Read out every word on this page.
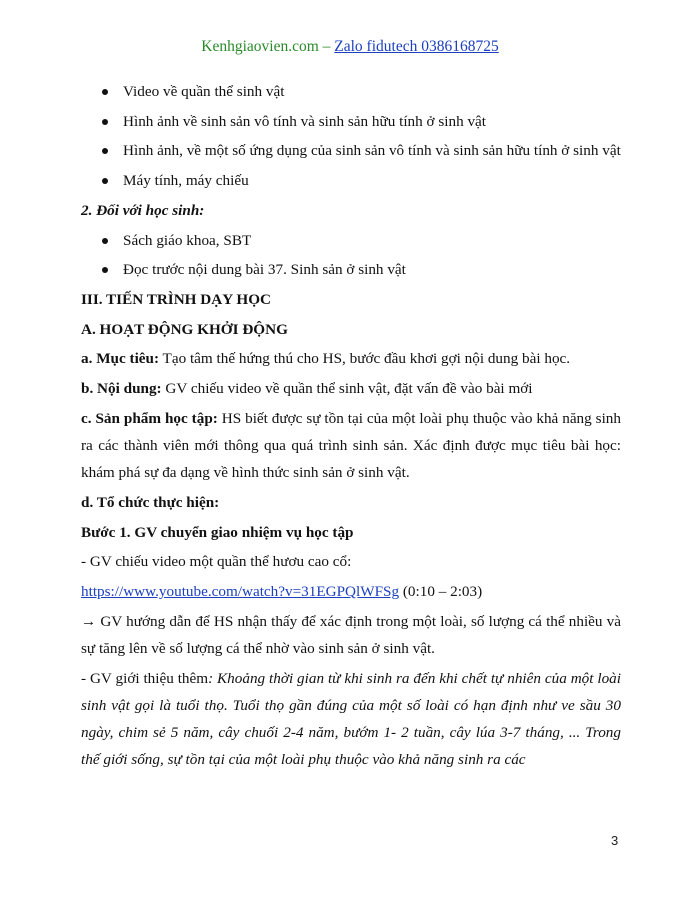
Kenhgiaovien.com – Zalo fidutech 0386168725
Video về quần thể sinh vật
Hình ảnh về sinh sản vô tính và sinh sản hữu tính ở sinh vật
Hình ảnh, về một số ứng dụng của sinh sản vô tính và sinh sản hữu tính ở sinh vật
Máy tính, máy chiếu
2. Đối với học sinh:
Sách giáo khoa, SBT
Đọc trước nội dung bài 37. Sinh sản ở sinh vật
III. TIẾN TRÌNH DẠY HỌC
A. HOẠT ĐỘNG KHỞI ĐỘNG
a. Mục tiêu: Tạo tâm thế hứng thú cho HS, bước đầu khơi gợi nội dung bài học.
b. Nội dung: GV chiếu video về quần thể sinh vật, đặt vấn đề vào bài mới
c. Sản phẩm học tập: HS biết được sự tồn tại của một loài phụ thuộc vào khả năng sinh ra các thành viên mới thông qua quá trình sinh sản. Xác định được mục tiêu bài học: khám phá sự đa dạng về hình thức sinh sản ở sinh vật.
d. Tổ chức thực hiện:
Bước 1. GV chuyển giao nhiệm vụ học tập
- GV chiếu video một quần thể hươu cao cổ:
https://www.youtube.com/watch?v=31EGPQlWFSg (0:10 – 2:03)
→ GV hướng dẫn để HS nhận thấy để xác định trong một loài, số lượng cá thể nhiều và sự tăng lên về số lượng cá thể nhờ vào sinh sản ở sinh vật.
- GV giới thiệu thêm: Khoảng thời gian từ khi sinh ra đến khi chết tự nhiên của một loài sinh vật gọi là tuổi thọ. Tuổi thọ gần đúng của một số loài có hạn định như ve sầu 30 ngày, chim sẻ 5 năm, cây chuối 2-4 năm, bướm 1- 2 tuần, cây lúa 3-7 tháng, ... Trong thế giới sống, sự tồn tại của một loài phụ thuộc vào khả năng sinh ra các
3
